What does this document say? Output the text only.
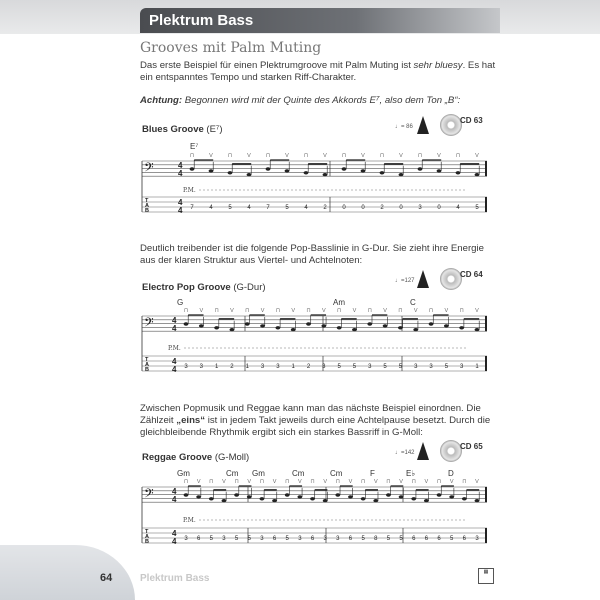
Plektrum Bass
Grooves mit Palm Muting
Das erste Beispiel für einen Plektrumgroove mit Palm Muting ist sehr bluesy. Es hat ein entspanntes Tempo und starken Riff-Charakter.
Achtung: Begonnen wird mit der Quinte des Akkords E⁷, also dem Ton „B“:
Blues Groove (E⁷)	♩= 86
CD 63
Deutlich treibender ist die folgende Pop-Basslinie in G-Dur. Sie zieht ihre Energie aus der klaren Struktur aus Viertel- und Achtelnoten:
Electro Pop Groove (G-Dur)
♩=127
CD 64
Zwischen Popmusik und Reggae kann man das nächste Beispiel einordnen. Die Zählzeit „eins“ ist in jedem Takt jeweils durch eine Achtelpause besetzt. Durch die gleichbleibende Rhythmik ergibt sich ein starkes Bassriff in G-Moll:
Reggae Groove (G-Moll)	♩=142
CD 65
𝄢
T
A
B
4
4
4
4
P.M.
E⁷
⊓
7
V
4
⊓
5
V
4
⊓
7
V
5
⊓
4
V
2
⊓
0
V
0
⊓
2
V
0
⊓
3
V
0
⊓
4
V
5
𝄢
T
A
B
4
4
4
4
P.M.
G	Am	C
⊓
3
V
3
⊓
1
V
2
⊓
1
V
3
⊓
3
V
1
⊓
2
V
3
⊓
5
V
5
⊓
3
V
5
⊓
5
V
3
⊓
3
V
5
⊓
3
V
1
𝄢
T
A
B
4
4
4
4
P.M.
Gm	Cm Gm	Cm	Cm	F	E♭	D
⊓
3
V
6
⊓
5
V
3
⊓
5
V
5
⊓
3
V
6
⊓
5
V
3
⊓
6
V
3
⊓
3
V
6
⊓
5
V
8
⊓
5
V
5
⊓
6
V
6
⊓
6
V
5
⊓
6
V
3
64	Plektrum Bass
▦
